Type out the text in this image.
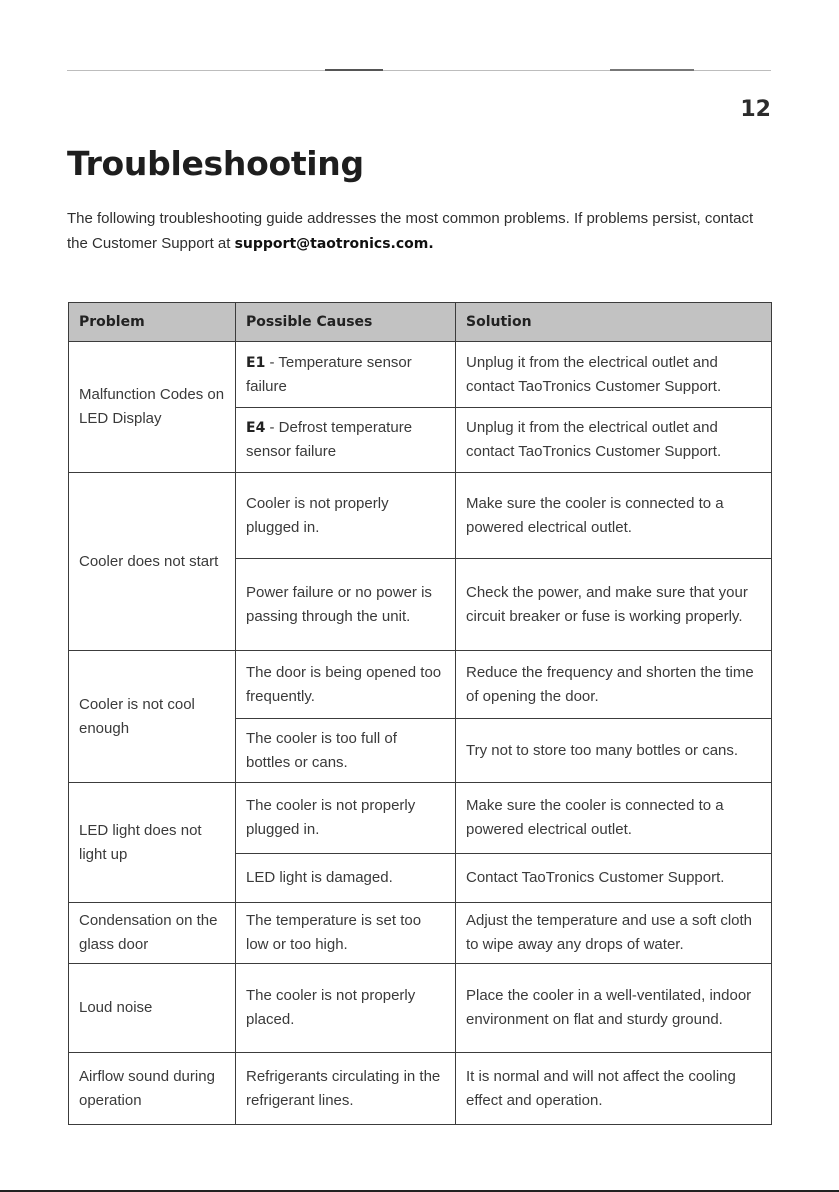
12
Troubleshooting

The following troubleshooting guide addresses the most common problems. If problems persist, contact the Customer Support at support@taotronics.com.

Problem	Possible Causes	Solution
Malfunction Codes on LED Display	E1 - Temperature sensor failure	Unplug it from the electrical outlet and contact TaoTronics Customer Support.
	E4 - Defrost temperature sensor failure	Unplug it from the electrical outlet and contact TaoTronics Customer Support.
Cooler does not start	Cooler is not properly plugged in.	Make sure the cooler is connected to a powered electrical outlet.
	Power failure or no power is passing through the unit.	Check the power, and make sure that your circuit breaker or fuse is working properly.
Cooler is not cool enough	The door is being opened too frequently.	Reduce the frequency and shorten the time of opening the door.
	The cooler is too full of bottles or cans.	Try not to store too many bottles or cans.
LED light does not light up	The cooler is not properly plugged in.	Make sure the cooler is connected to a powered electrical outlet.
	LED light is damaged.	Contact TaoTronics Customer Support.
Condensation on the glass door	The temperature is set too low or too high.	Adjust the temperature and use a soft cloth to wipe away any drops of water.
Loud noise	The cooler is not properly placed.	Place the cooler in a well-ventilated, indoor environment on flat and sturdy ground.
Airflow sound during operation	Refrigerants circulating in the refrigerant lines.	It is normal and will not affect the cooling effect and operation.
